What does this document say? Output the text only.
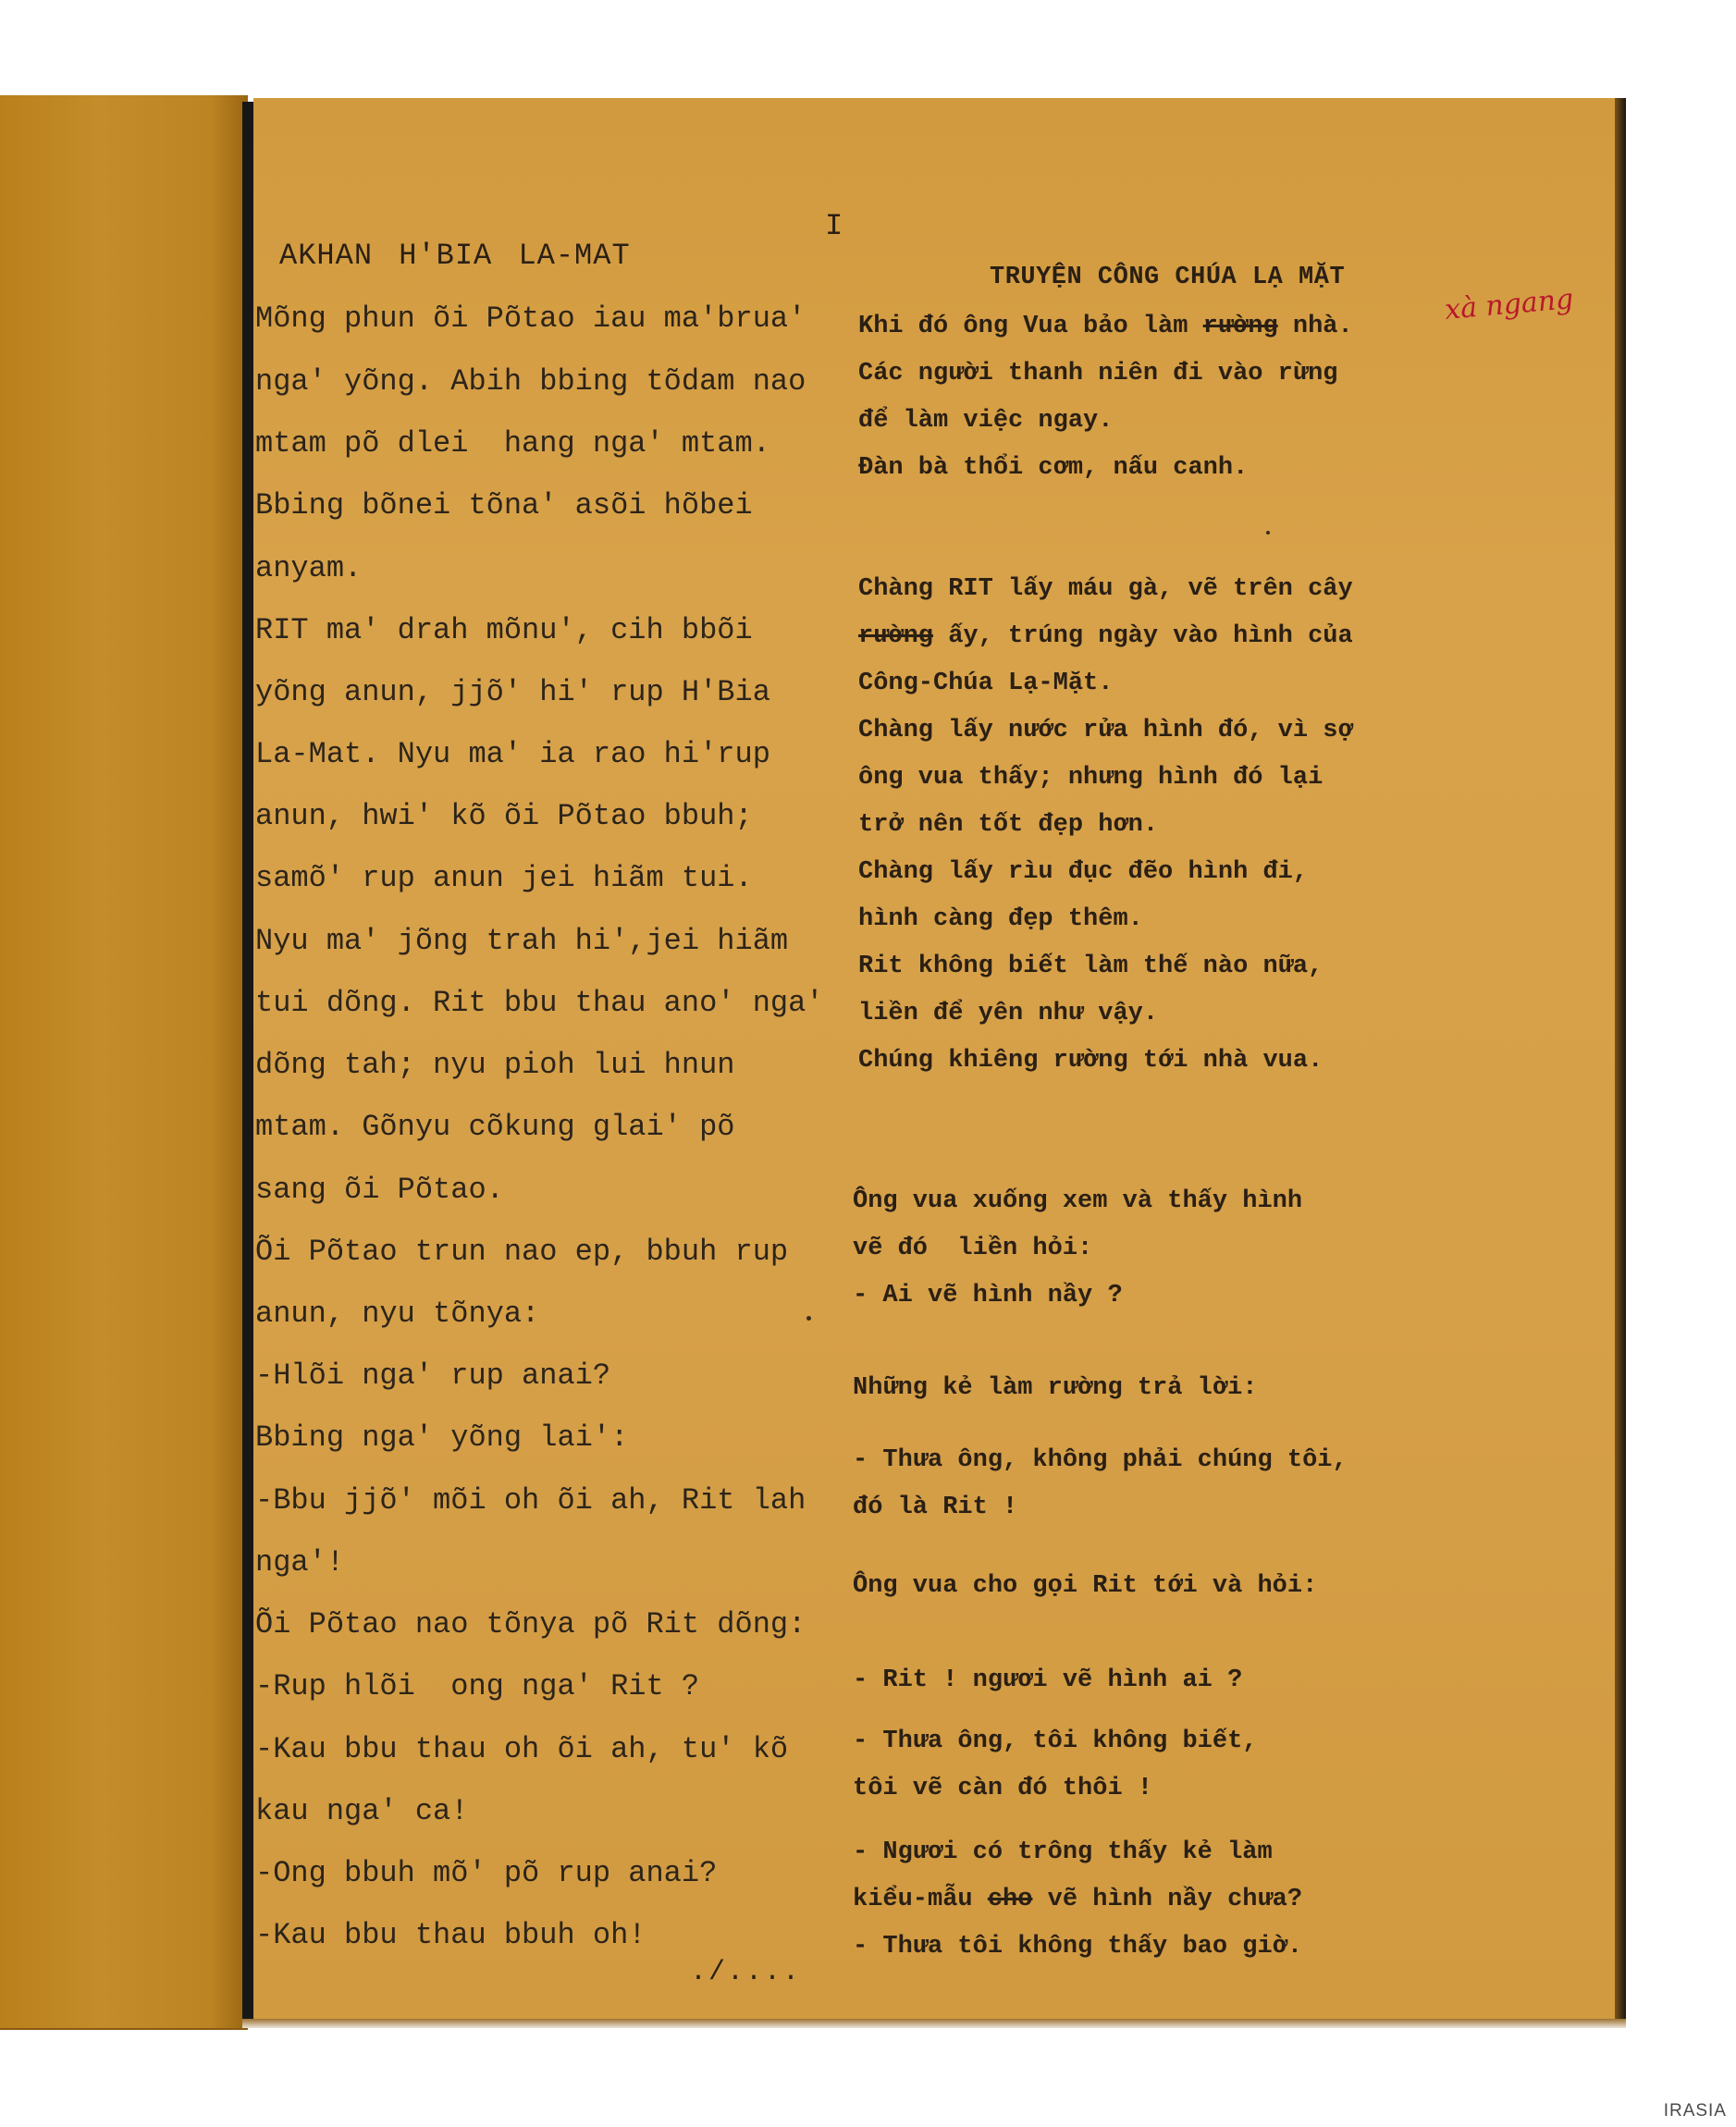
I
AKHAN H'BIA LA-MAT
TRUYỆN CÔNG CHÚA LẠ MẶT
xà ngang
Mõng phun õi Põtao iau ma'brua'
nga' yõng. Abih bbing tõdam nao
mtam põ dlei  hang nga' mtam.
Bbing bõnei tõna' asõi hõbei
anyam.
RIT ma' drah mõnu', cih bbõi
yõng anun, jjõ' hi' rup H'Bia
La-Mat. Nyu ma' ia rao hi'rup
anun, hwi' kõ õi Põtao bbuh;
samõ' rup anun jei hiãm tui.
Nyu ma' jõng trah hi',jei hiãm
tui dõng. Rit bbu thau ano' nga'
dõng tah; nyu pioh lui hnun
mtam. Gõnyu cõkung glai' põ
sang õi Põtao.
Õi Põtao trun nao ep, bbuh rup
anun, nyu tõnya:
-Hlõi nga' rup anai?
Bbing nga' yõng lai':
-Bbu jjõ' mõi oh õi ah, Rit lah
nga'!
Õi Põtao nao tõnya põ Rit dõng:
-Rup hlõi  ong nga' Rit ?
-Kau bbu thau oh õi ah, tu' kõ
kau nga' ca!
-Ong bbuh mõ' põ rup anai?
-Kau bbu thau bbuh oh!
Khi đó ông Vua bảo làm rường nhà.
Các người thanh niên đi vào rừng
để làm việc ngay.
Đàn bà thổi cơm, nấu canh.
Chàng RIT lấy máu gà, vẽ trên cây
rường ấy, trúng ngày vào hình của
Công-Chúa Lạ-Mặt.
Chàng lấy nước rửa hình đó, vì sợ
ông vua thấy; nhưng hình đó lại
trở nên tốt đẹp hơn.
Chàng lấy rìu đục đẽo hình đi,
hình càng đẹp thêm.
Rit không biết làm thế nào nữa,
liền để yên như vậy.
Chúng khiêng rường tới nhà vua.
Ông vua xuống xem và thấy hình
vẽ đó  liền hỏi:
- Ai vẽ hình nầy ?
Những kẻ làm rường trả lời:
- Thưa ông, không phải chúng tôi,
đó là Rit !
Ông vua cho gọi Rit tới và hỏi:
- Rit ! ngươi vẽ hình ai ?
- Thưa ông, tôi không biết,
tôi vẽ càn đó thôi !
- Ngươi có trông thấy kẻ làm
kiểu-mẫu cho vẽ hình nầy chưa?
- Thưa tôi không thấy bao giờ.
./....
IRASIA
